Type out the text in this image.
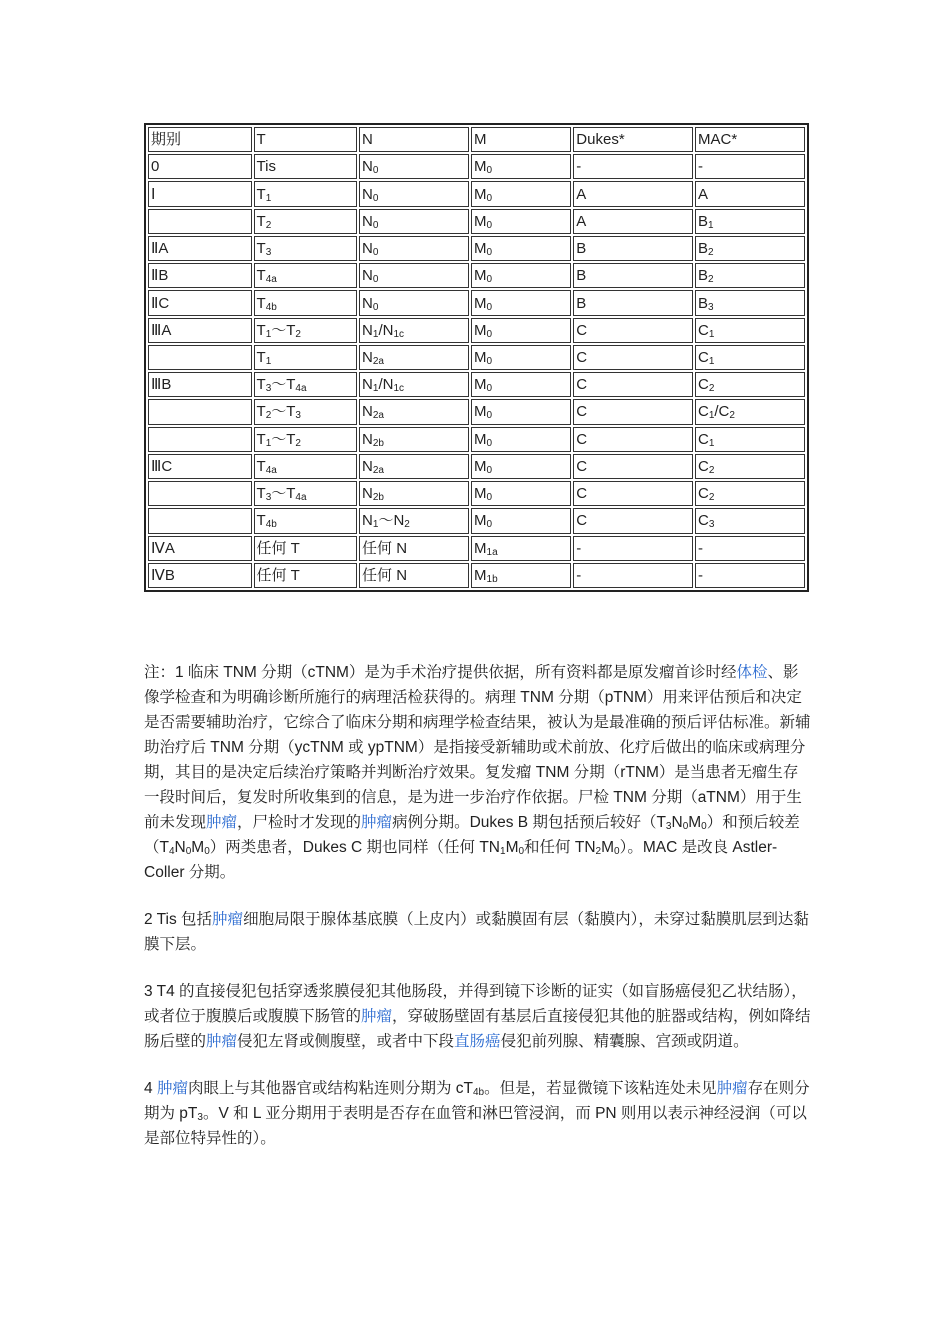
期别	T	N	M	Dukes*	MAC*
0	Tis	$N_0$	$M_0$	-	-
Ⅰ	$T_1$	$N_0$	$M_0$	A	A
	$T_2$	$N_0$	$M_0$	A	$B_1$
ⅡA	$T_3$	$N_0$	$M_0$	B	$B_2$
ⅡB	$T_{4a}$	$N_0$	$M_0$	B	$B_2$
ⅡC	$T_{4b}$	$N_0$	$M_0$	B	$B_3$
ⅢA	$T_1\sim T_2$	$N_1/N_{1c}$	$M_0$	C	$C_1$
	$T_1$	$N_{2a}$	$M_0$	C	$C_1$
ⅢB	$T_3\sim T_{4a}$	$N_1/N_{1c}$	$M_0$	C	$C_2$
	$T_2\sim T_3$	$N_{2a}$	$M_0$	C	$C_1/C_2$
	$T_1\sim T_2$	$N_{2b}$	$M_0$	C	$C_1$
ⅢC	$T_{4a}$	$N_{2a}$	$M_0$	C	$C_2$
	$T_3\sim T_{4a}$	$N_{2b}$	$M_0$	C	$C_2$
	$T_{4b}$	$N_1\sim N_2$	$M_0$	C	$C_3$
ⅣA	任何 T	任何 N	$M_{1a}$	-	-
ⅣB	任何 T	任何 N	$M_{1b}$	-	-

注：1 临床 TNM 分期（cTNM）是为手术治疗提供依据，所有资料都是原发瘤首诊时经体检、影像学检查和为明确诊断所施行的病理活检获得的。病理 TNM 分期（pTNM）用来评估预后和决定是否需要辅助治疗，它综合了临床分期和病理学检查结果，被认为是最准确的预后评估标准。新辅助治疗后 TNM 分期（ycTNM 或 ypTNM）是指接受新辅助或术前放、化疗后做出的临床或病理分期，其目的是决定后续治疗策略并判断治疗效果。复发瘤 TNM 分期（rTNM）是当患者无瘤生存一段时间后，复发时所收集到的信息，是为进一步治疗作依据。尸检 TNM 分期（aTNM）用于生前未发现肿瘤，尸检时才发现的肿瘤病例分期。Dukes B 期包括预后较好$(T_3N_0M_0)$和预后较差$(T_4N_0M_0)$两类患者，Dukes C 期也同样（任何 $TN_1M_0$和任何 $TN_2M_0$）。MAC 是改良 Astler-Coller 分期。

2 Tis 包括肿瘤细胞局限于腺体基底膜（上皮内）或黏膜固有层（黏膜内），未穿过黏膜肌层到达黏膜下层。

3 T4 的直接侵犯包括穿透浆膜侵犯其他肠段，并得到镜下诊断的证实（如盲肠癌侵犯乙状结肠），或者位于腹膜后或腹膜下肠管的肿瘤，穿破肠壁固有基层后直接侵犯其他的脏器或结构，例如降结肠后壁的肿瘤侵犯左肾或侧腹壁，或者中下段直肠癌侵犯前列腺、精囊腺、宫颈或阴道。

4 肿瘤肉眼上与其他器官或结构粘连则分期为 $cT_{4b}$。但是，若显微镜下该粘连处未见肿瘤存在则分期为 $pT_3$。V 和 L 亚分期用于表明是否存在血管和淋巴管浸润，而 PN 则用以表示神经浸润（可以是部位特异性的）。
